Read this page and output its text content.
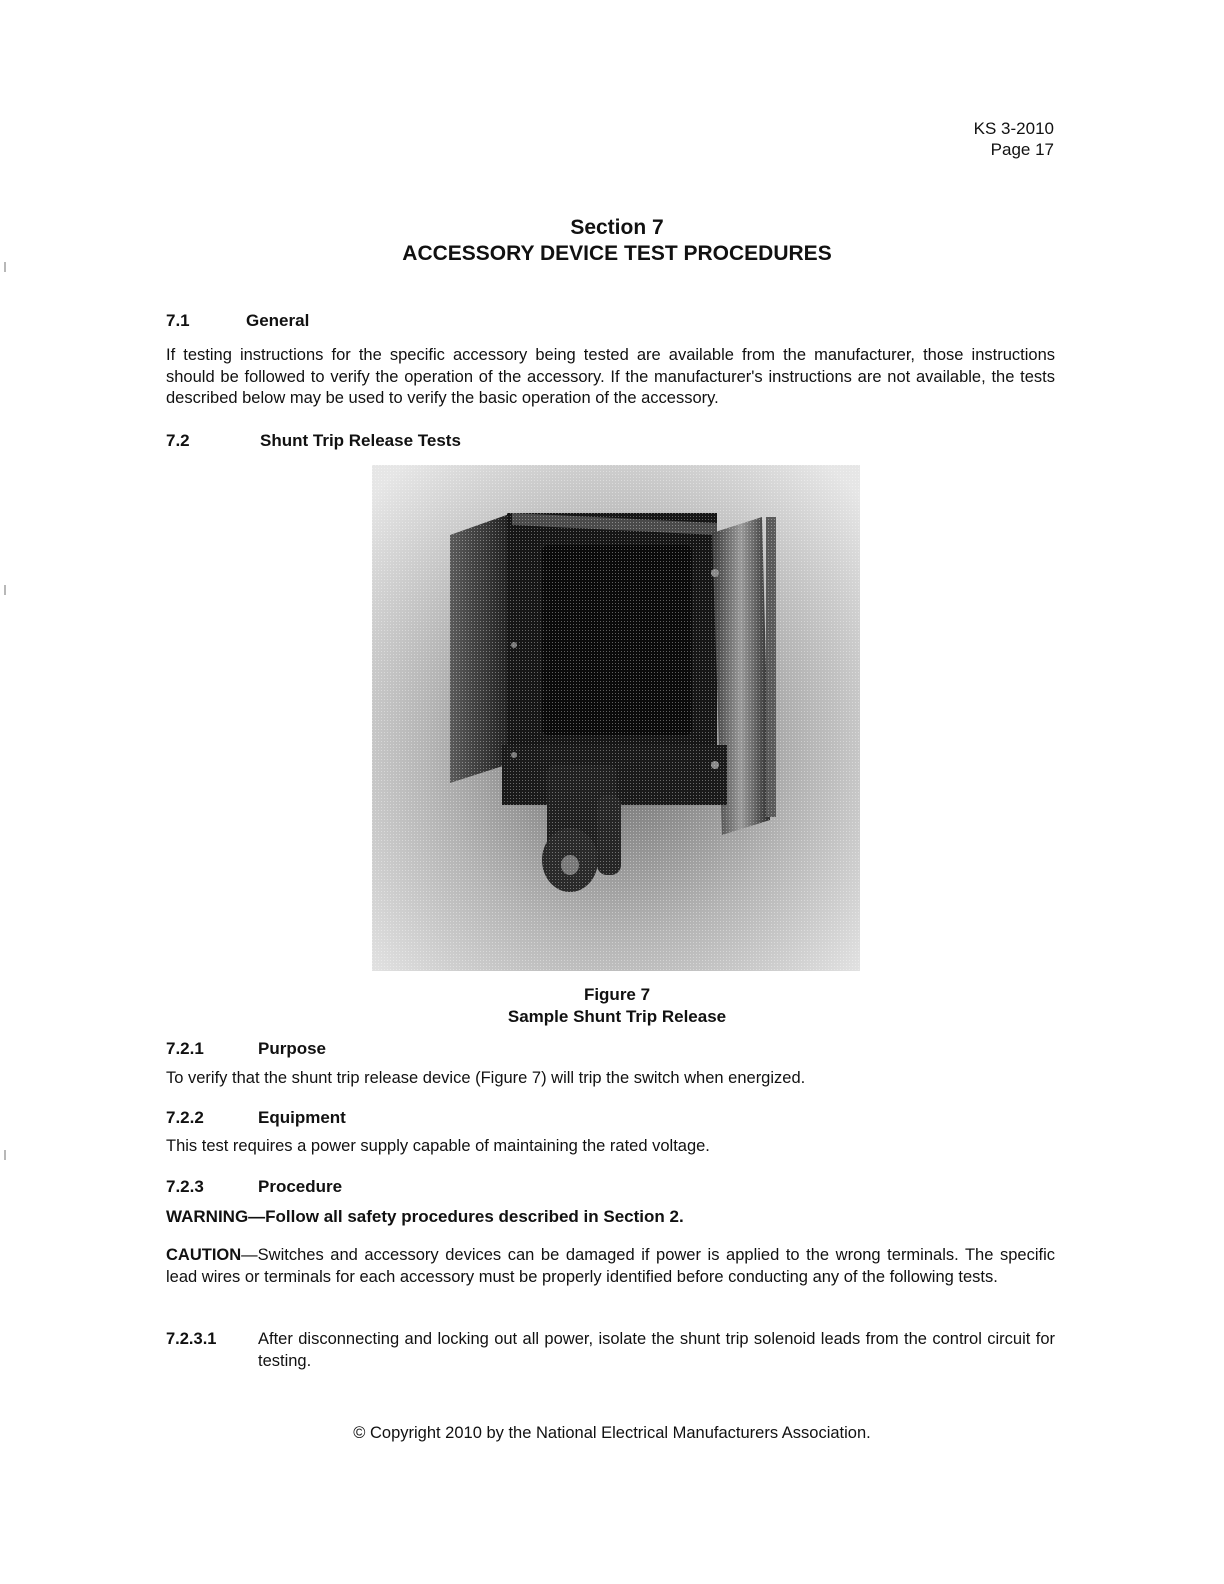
KS 3-2010
Page 17
Section 7
ACCESSORY DEVICE TEST PROCEDURES
7.1	General
If testing instructions for the specific accessory being tested are available from the manufacturer, those instructions should be followed to verify the operation of the accessory. If the manufacturer's instructions are not available, the tests described below may be used to verify the basic operation of the accessory.
7.2	Shunt Trip Release Tests
Figure 7
Sample Shunt Trip Release
7.2.1	Purpose
To verify that the shunt trip release device (Figure 7) will trip the switch when energized.
7.2.2	Equipment
This test requires a power supply capable of maintaining the rated voltage.
7.2.3	Procedure
WARNING—Follow all safety procedures described in Section 2.
CAUTION—Switches and accessory devices can be damaged if power is applied to the wrong terminals. The specific lead wires or terminals for each accessory must be properly identified before conducting any of the following tests.
7.2.3.1	After disconnecting and locking out all power, isolate the shunt trip solenoid leads from the control circuit for testing.
© Copyright 2010 by the National Electrical Manufacturers Association.
